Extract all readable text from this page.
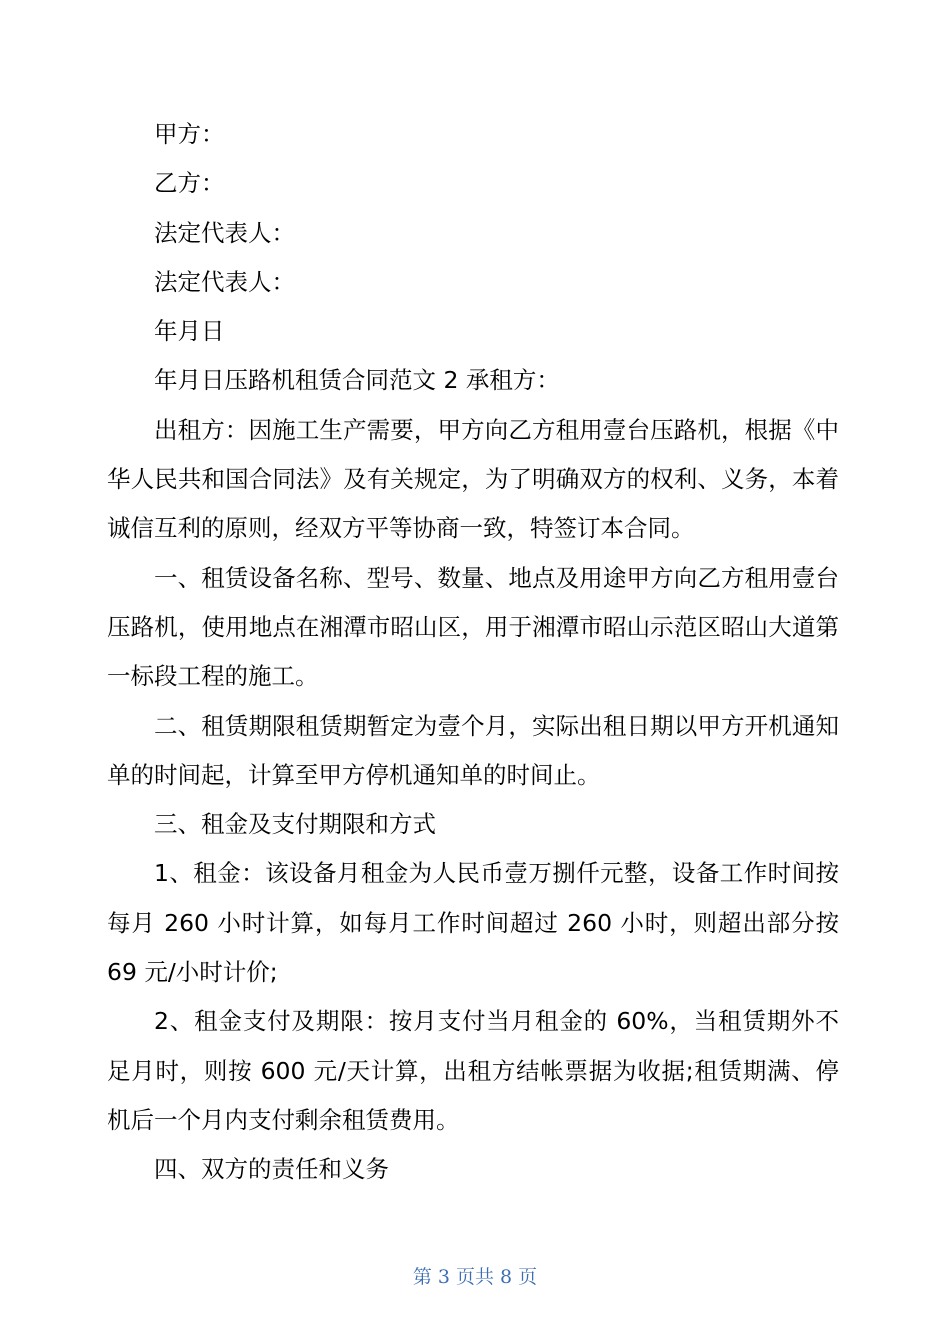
甲方：

乙方：

法定代表人：

法定代表人：

年月日

年月日压路机租赁合同范文 2 承租方：

出租方：因施工生产需要，甲方向乙方租用壹台压路机，根据《中华人民共和国合同法》及有关规定，为了明确双方的权利、义务，本着诚信互利的原则，经双方平等协商一致，特签订本合同。

一、租赁设备名称、型号、数量、地点及用途甲方向乙方租用壹台压路机，使用地点在湘潭市昭山区，用于湘潭市昭山示范区昭山大道第一标段工程的施工。

二、租赁期限租赁期暂定为壹个月，实际出租日期以甲方开机通知单的时间起，计算至甲方停机通知单的时间止。

三、租金及支付期限和方式

1、租金：该设备月租金为人民币壹万捌仟元整，设备工作时间按每月 260 小时计算，如每月工作时间超过 260 小时，则超出部分按 69 元/小时计价;

2、租金支付及期限：按月支付当月租金的 60%，当租赁期外不足月时，则按 600 元/天计算，出租方结帐票据为收据;租赁期满、停机后一个月内支付剩余租赁费用。

四、双方的责任和义务

第 3 页共 8 页
